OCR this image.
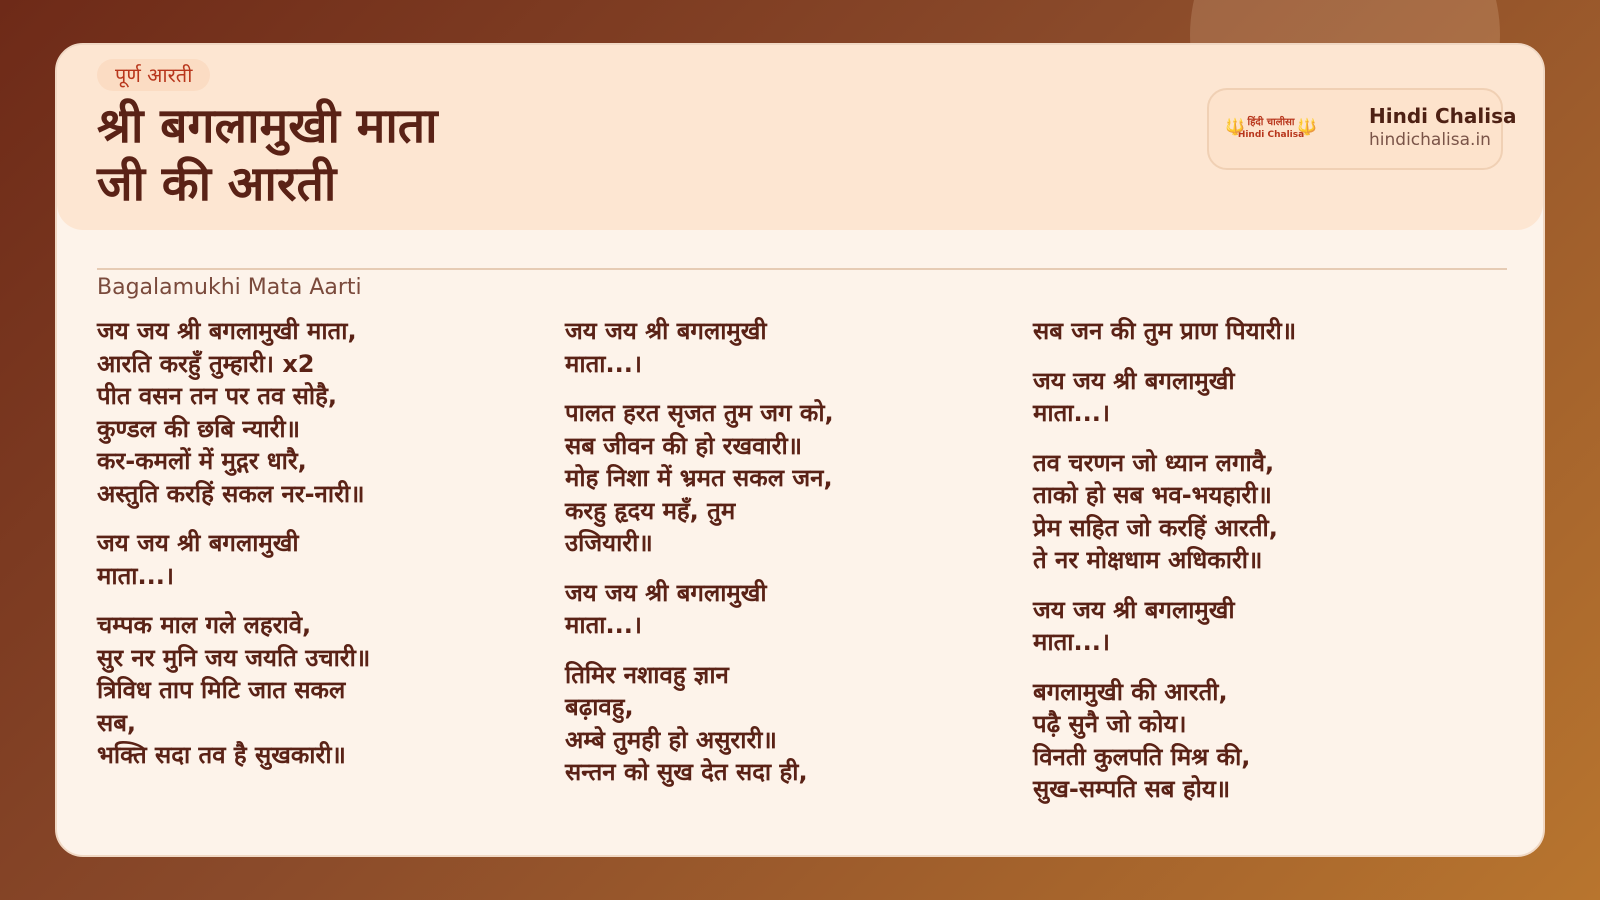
पूर्ण आरती
श्री बगलामुखी माता
जी की आरती
🔱 हिंदी चालीसा
Hindi Chalisa
🔱	Hindi Chalisa
hindichalisa.in
Bagalamukhi Mata Aarti
जय जय श्री बगलामुखी माता,
आरति करहुँ तुम्हारी। x2
पीत वसन तन पर तव सोहै,
कुण्डल की छबि न्यारी॥
कर-कमलों में मुद्गर धारै,
अस्तुति करहिं सकल नर-नारी॥
जय जय श्री बगलामुखी
माता...।
चम्पक माल गले लहरावे,
सुर नर मुनि जय जयति उचारी॥
त्रिविध ताप मिटि जात सकल
सब,
भक्ति सदा तव है सुखकारी॥
जय जय श्री बगलामुखी
माता...।
पालत हरत सृजत तुम जग को,
सब जीवन की हो रखवारी॥
मोह निशा में भ्रमत सकल जन,
करहु हृदय महँ, तुम
उजियारी॥
जय जय श्री बगलामुखी
माता...।
तिमिर नशावहु ज्ञान
बढ़ावहु,
अम्बे तुमही हो असुरारी॥
सन्तन को सुख देत सदा ही,
सब जन की तुम प्राण पियारी॥
जय जय श्री बगलामुखी
माता...।
तव चरणन जो ध्यान लगावै,
ताको हो सब भव-भयहारी॥
प्रेम सहित जो करहिं आरती,
ते नर मोक्षधाम अधिकारी॥
जय जय श्री बगलामुखी
माता...।
बगलामुखी की आरती,
पढ़ै सुनै जो कोय।
विनती कुलपति मिश्र की,
सुख-सम्पति सब होय॥
